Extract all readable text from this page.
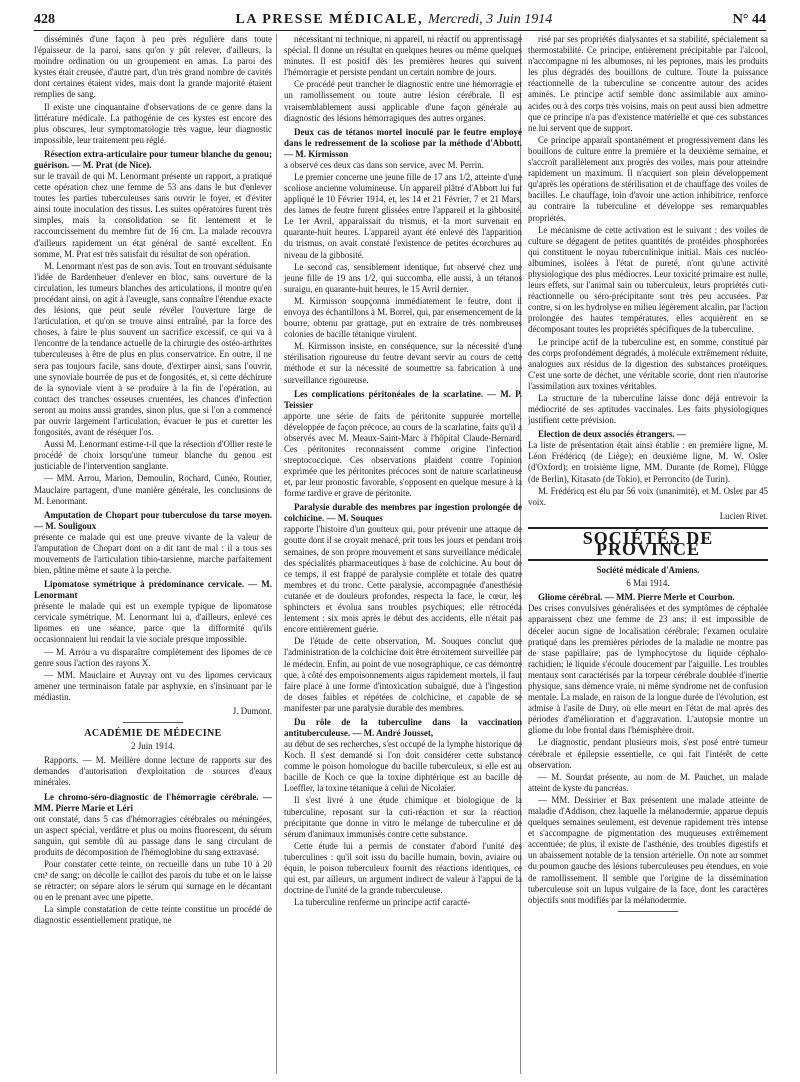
428	LA PRESSE MÉDICALE, Mercredi, 3 Juin 1914	N° 44

disséminés d'une façon à peu près régulière dans toute l'épaisseur de la paroi, sans qu'on y pût relever, d'ailleurs, la moindre ordination ou un groupement en amas. La paroi des kystes était creusée, d'autre part, d'un très grand nombre de cavités dont certaines étaient vides, mais dont la grande majorité étaient remplies de sang.

Il existe une cinquantaine d'observations de ce genre dans la littérature médicale. La pathogénie de ces kystes est encore des plus obscures, leur symptomatologie très vague, leur diagnostic impossible, leur traitement peu réglé.

Résection extra-articulaire pour tumeur blanche du genou; guérison. — M. Prat (de Nice).

sur le travail de qui M. Lenormant présente un rapport, a pratiqué cette opération chez une femme de 53 ans dans le but d'enlever toutes les parties tuberculeuses sans ouvrir le foyer, et d'éviter ainsi toute inoculation des tissus. Les suites opératoires furent très simples, mais la consolidation se fit lentement et le raccourcissement du membre fut de 16 cm. La malade recouvra d'ailleurs rapidement un état général de santé excellent. En somme, M. Prat est très satisfait du résultat de son opération.

M. Lenormant n'est pas de son avis. Tout en trouvant séduisante l'idée de Bardenheuer d'enlever en bloc, sans ouverture de la circulation, les tumeurs blanches des articulations, il montre qu'en procédant ainsi, on agit à l'aveugle, sans connaître l'étendue exacte des lésions, que peut seule révéler l'ouverture large de l'articulation, et qu'on se trouve ainsi entraîné, par la force des choses, à faire le plus souvent un sacrifice excessif, ce qui va à l'encontre de la tendance actuelle de la chirurgie des ostéo-arthrites tuberculeuses à être de plus en plus conservatrice. En outre, il ne sera pas toujours facile, sans doute, d'extirper ainsi, sans l'ouvrir, une synoviale bourrée de pus et de fongosités, et, si cette déchirure de la synoviale vient à se produire à la fin de l'opération, au contact des tranches osseuses cruentées, les chances d'infection seront au moins aussi grandes, sinon plus, que si l'on a commencé par ouvrir largement l'articulation, évacuer le pus et curetter les fongosités, avant de réséquer l'os.

Aussi M. Lenormant estime-t-il que la résection d'Ollier reste le procédé de choix lorsqu'une tumeur blanche du genou est justiciable de l'intervention sanglante.

— MM. Arrou, Marion, Demoulin, Rochard, Cunéo, Routier, Mauclaire partagent, d'une manière générale, les conclusions de M. Lenormant.

Amputation de Chopart pour tuberculose du tarse moyen. — M. Souligoux

présente ce malade qui est une preuve vivante de la valeur de l'amputation de Chopart dont on a dit tant de mal : il a tous ses mouvements de l'articulation tibio-tarsienne, marche parfaitement bien, pâtine même et saute à la perche.

Lipomatose symétrique à prédominance cervicale. — M. Lenormant

présente le malade qui est un exemple typique de lipomatose cervicale symétrique. M. Lenormant lui a, d'ailleurs, enlevé ces lipomes en une séance, parce que la difformité qu'ils occasionnaient lui rendait la vie sociale presque impossible.

— M. Arrou a vu disparaître complètement des lipomes de ce genre sous l'action des rayons X.

— MM. Mauclaire et Auvray ont vu des lipomes cervicaux amener une terminaison fatale par asphyxie, en s'insinuant par le médiastin.

J. Dumont.
ACADÉMIE DE MÉDECINE
2 Juin 1914.

Rapports. — M. Meillère donne lecture de rapports sur des demandes d'autorisation d'exploitation de sources d'eaux minérales.

Le chromo-séro-diagnostic de l'hémorragie cérébrale. — MM. Pierre Marie et Léri

ont constaté, dans 5 cas d'hémorragies cérébrales ou méningées, un aspect spécial, verdâtre et plus ou moins fluorescent, du sérum sanguin, qui semble dû au passage dans le sang circulant de produits de décomposition de l'hémoglobine du sang extravasé.

Pour constater cette teinte, on recueille dans un tube 10 à 20 cm³ de sang; on décolle le caillot des parois du tube et on le laisse se rétracter; on sépare alors le sérum qui surnage en le décantant ou en le prenant avec une pipette.

La simple constatation de cette teinte constitue un procédé de diagnostic essentiellement pratique, ne

nécessitant ni technique, ni appareil, ni réactif ou apprentissage spécial. Il donne un résultat en quelques heures ou même quelques minutes. Il est positif dès les premières heures qui suivent l'hémorragie et persiste pendant un certain nombre de jours.

Ce procédé peut trancher le diagnostic entre une hémorragie et un ramollissement ou toute autre lésion cérébrale. Il est vraisemblablement aussi applicable d'une façon générale au diagnostic des lésions hémorragiques des autres organes.

Deux cas de tétanos mortel inoculé par le feutre employé dans le redressement de la scoliose par la méthode d'Abbott. — M. Kirmisson

a observé ces deux cas dans son service, avec M. Perrin.

Le premier concerne une jeune fille de 17 ans 1/2, atteinte d'une scoliose ancienne volumineuse. Un appareil plâtré d'Abbott lui fut appliqué le 10 Février 1914, et, les 14 et 21 Février, 7 et 21 Mars, des lames de feutre furent glissées entre l'appareil et la gibbosité. Le 1er Avril, apparaissait du trismus, et la mort survenait en quarante-huit heures. L'appareil ayant été enlevé dès l'apparition du trismus, on avait constaté l'existence de petites écorchures au niveau de la gibbosité.

Le second cas, sensiblement identique, fut observé chez une jeune fille de 19 ans 1/2, qui succomba, elle aussi, à un tétanos suraigu, en quarante-huit heures, le 15 Avril dernier.

M. Kirmisson soupçonna immédiatement le feutre, dont il envoya des échantillons à M. Borrel, qui, par ensemencement de la bourre, obtenu par grattage, put en extraire de très nombreuses colonies de bacille tétanique virulent.

M. Kirmisson insiste, en conséquence, sur la nécessité d'une stérilisation rigoureuse du feutre devant servir au cours de cette méthode et sur la nécessité de soumettre sa fabrication à une surveillance rigoureuse.

Les complications péritonéales de la scarlatine. — M. P. Teissier

apporte une série de faits de péritonite suppurée mortelle, développée de façon précoce, au cours de la scarlatine, faits qu'il a observés avec M. Meaux-Saint-Marc à l'hôpital Claude-Bernard. Ces péritonites reconnaissent comme origine l'infection streptococcique. Ces observations plaident contre l'opinion exprimée que les péritonites précoces sont de nature scarlatineuse et, par leur pronostic favorable, s'opposent en quelque mesure à la forme tardive et grave de péritonite.

Paralysie durable des membres par ingestion prolongée de colchicine. — M. Souques

rapporte l'histoire d'un goutteux qui, pour prévenir une attaque de goutte dont il se croyait menacé, prit tous les jours et pendant trois semaines, de son propre mouvement et sans surveillance médicale, des spécialités pharmaceutiques à base de colchicine. Au bout de ce temps, il est frappé de paralysie complète et totale des quatre membres et du tronc. Cette paralysie, accompagnée d'anesthésie cutanée et de douleurs profondes, respecta la face, le cœur, les sphincters et évolua sans troubles psychiques; elle rétrocéda lentement : six mois après le début des accidents, elle n'était pas encore entièrement guérie.

De l'étude de cette observation, M. Souques conclut que l'administration de la colchicine doit être étroitement surveillée par le médecin. Enfin, au point de vue nosographique, ce cas démontre que, à côté des empoisonnements aigus rapidement mortels, il faut faire place à une forme d'intoxication subaiguë, due à l'ingestion de doses faibles et répétées de colchicine, et capable de se manifester par une paralysie durable des membres.

Du rôle de la tuberculine dans la vaccination antituberculeuse. — M. André Jousset,

au début de ses recherches, s'est occupé de la lymphe historique de Koch. Il s'est demandé si l'on doit considérer cette substance comme le poison homologue du bacille tuberculeux, si elle est au bacille de Koch ce que la toxine diphtérique est au bacille de Loeffler, la toxine tétanique à celui de Nicolaïer.

Il s'est livré à une étude chimique et biologique de la tuberculine, reposant sur la cuti-réaction et sur la réaction précipitante que donne in vitro le mélange de tuberculine et de sérum d'animaux immunisés contre cette substance.

Cette étude lui a permis de constater d'abord l'unité des tuberculines : qu'il soit issu du bacille humain, bovin, aviaire ou équin, le poison tuberculeux fournit des réactions identiques, ce qui est, par ailleurs, un argument indirect de valeur à l'appui de la doctrine de l'unité de la grande tuberculeuse.

La tuberculine renferme un principe actif caracté-

risé par ses propriétés dialysantes et sa stabilité, spécialement sa thermostabilité. Ce principe, entièrement précipitable par l'alcool, n'accompagne ni les albumoses, ni les peptones, mais les produits les plus dégradés des bouillons de culture. Toute la puissance réactionnelle de la tuberculine se concentre autour des acides aminés. Le principe actif semble donc assimilable aux amino-acides ou à des corps très voisins, mais on peut aussi bien admettre que ce principe n'a pas d'existence matérielle et que ces substances ne lui servent que de support.

Ce principe apparaît spontanément et progressivement dans les bouillons de culture entre la première et la deuxième semaine, et s'accroît parallèlement aux progrès des voiles, mais pour atteindre rapidement un maximum. Il n'acquiert son plein développement qu'après les opérations de stérilisation et de chauffage des voiles de bacilles. Le chauffage, loin d'avoir une action inhibitrice, renforce au contraire la tuberculine et développe ses remarquables propriétés.

Le mécanisme de cette activation est le suivant : des voiles de culture se dégagent de petites quantités de protéides phosphorées qui constituent le noyau tuberculinique initial. Mais ces nucléo-albumines, isolées à l'état de pureté, n'ont qu'une activité physiologique des plus médiocres. Leur toxicité primaire est nulle, leurs effets, sur l'animal sain ou tuberculeux, leurs propriétés cuti-réactionnelle ou séro-précipitante sont très peu accusées. Par contre, si on les hydrolyse en milieu légèrement alcalin, par l'action prolongée des hautes températures, elles acquièrent en se décomposant toutes les propriétés spécifiques de la tuberculine.

Le principe actif de la tuberculine est, en somme, constitué par des corps profondément dégradés, à molécule extrêmement réduite, analogues aux résidus de la digestion des substances protéiques. C'est une sorte de déchet, une véritable scorie, dont rien n'autorise l'assimilation aux toxines véritables.

La structure de la tuberculine laisse donc déjà entrevoir la médiocrité de ses aptitudes vaccinales. Les faits physiologiques justifient cette prévision.

Election de deux associés étrangers. —

La liste de présentation était ainsi établie : en première ligne, M. Léon Frédéricq (de Liège); en deuxième ligne, M. W. Osler (d'Oxford); en troisième ligne, MM. Durante (de Rome), Flügge (de Berlin), Kitasato (de Tokio), et Perroncito (de Turin).

M. Frédéricq est élu par 56 voix (unanimité), et M. Osler par 45 voix.

Lucien Rivet.
SOCIÉTÉS DE PROVINCE
Société médicale d'Amiens.
6 Mai 1914.
Gliome cérébral. — MM. Pierre Merle et Courbon.

Des crises convulsives généralisées et des symptômes de céphalée apparaissent chez une femme de 23 ans; il est impossible de déceler aucun signe de localisation cérébrale; l'examen oculaire pratiqué dans les premières périodes de la maladie ne montre pas de stase papillaire; pas de lymphocytose du liquide céphalo-rachidien; le liquide s'écoule doucement par l'aiguille. Les troubles mentaux sont caractérisés par la torpeur cérébrale doublée d'inertie physique, sans démence vraie, ni même syndrome net de confusion mentale. La malade, en raison de la longue durée de l'évolution, est admise à l'asile de Dury, où elle meurt en l'état de mal après des périodes d'amélioration et d'aggravation. L'autopsie montre un gliome du lobe frontal dans l'hémisphère droit.

Le diagnostic, pendant plusieurs mois, s'est posé entre tumeur cérébrale et épilepsie essentielle, ce qui fait l'intérêt de cette observation.

— M. Sourdat présente, au nom de M. Pauchet, un malade atteint de kyste du pancréas.

— MM. Dessirier et Bax présentent une malade atteinte de maladie d'Addison, chez laquelle la mélanodermie, apparue depuis quelques semaines seulement, est devenue rapidement très intense et s'accompagne de pigmentation des muqueuses extrêmement accentuée; de plus, il existe de l'asthénie, des troubles digestifs et un abaissement notable de la tension artérielle. On note au sommet du poumon gauche des lésions tuberculeuses peu étendues, en voie de ramollissement. Il semble que l'origine de la dissémination tuberculeuse soit un lupus vulgaire de la face, dont les caractères objectifs sont modifiés par la mélanodermie.
